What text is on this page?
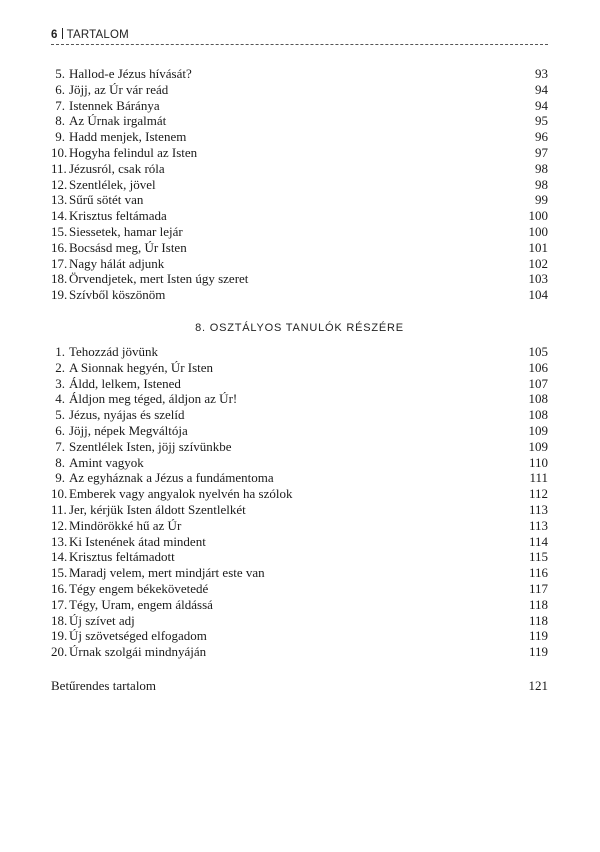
6 TARTALOM
5. Hallod-e Jézus hívását?	93
6. Jöjj, az Úr vár reád	94
7. Istennek Báránya	94
8. Az Úrnak irgalmát	95
9. Hadd menjek, Istenem	96
10. Hogyha felindul az Isten	97
11. Jézusról, csak róla	98
12. Szentlélek, jövel	98
13. Sűrű sötét van	99
14. Krisztus feltámada	100
15. Siessetek, hamar lejár	100
16. Bocsásd meg, Úr Isten	101
17. Nagy hálát adjunk	102
18. Örvendjetek, mert Isten úgy szeret	103
19. Szívből köszönöm	104
8. OSZTÁLYOS TANULÓK RÉSZÉRE
1. Tehozzád jövünk	105
2. A Sionnak hegyén, Úr Isten	106
3. Áldd, lelkem, Istened	107
4. Áldjon meg téged, áldjon az Úr!	108
5. Jézus, nyájas és szelíd	108
6. Jöjj, népek Megváltója	109
7. Szentlélek Isten, jöjj szívünkbe	109
8. Amint vagyok	110
9. Az egyháznak a Jézus a fundámentoma	111
10. Emberek vagy angyalok nyelvén ha szólok	112
11. Jer, kérjük Isten áldott Szentlelkét	113
12. Mindörökké hű az Úr	113
13. Ki Istenének átad mindent	114
14. Krisztus feltámadott	115
15. Maradj velem, mert mindjárt este van	116
16. Tégy engem békekövetedé	117
17. Tégy, Uram, engem áldássá	118
18. Új szívet adj	118
19. Új szövetséged elfogadom	119
20. Úrnak szolgái mindnyáján	119
Betűrendes tartalom	121
